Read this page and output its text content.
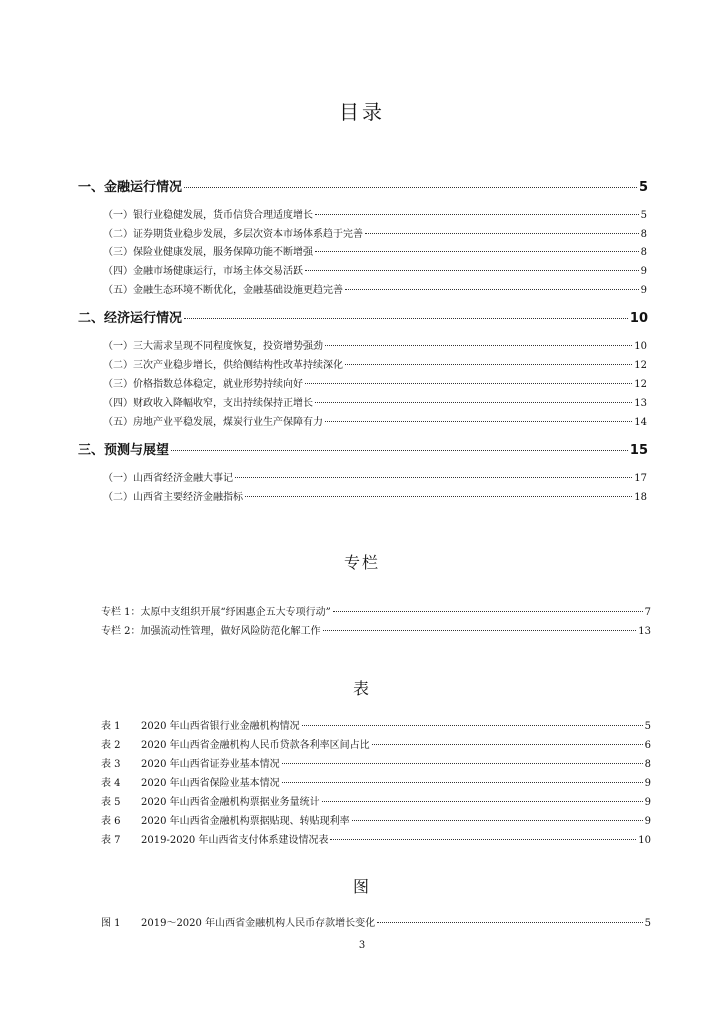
目录
一、金融运行情况	5
（一）银行业稳健发展，货币信贷合理适度增长	5
（二）证券期货业稳步发展，多层次资本市场体系趋于完善	8
（三）保险业健康发展，服务保障功能不断增强	8
（四）金融市场健康运行，市场主体交易活跃	9
（五）金融生态环境不断优化，金融基础设施更趋完善	9
二、经济运行情况	10
（一）三大需求呈现不同程度恢复，投资增势强劲	10
（二）三次产业稳步增长，供给侧结构性改革持续深化	12
（三）价格指数总体稳定，就业形势持续向好	12
（四）财政收入降幅收窄，支出持续保持正增长	13
（五）房地产业平稳发展，煤炭行业生产保障有力	14
三、预测与展望	15
（一）山西省经济金融大事记	17
（二）山西省主要经济金融指标	18
专栏
专栏 1：太原中支组织开展“纾困惠企五大专项行动”	7
专栏 2：加强流动性管理，做好风险防范化解工作	13
表
表 1 2020 年山西省银行业金融机构情况	5
表 2 2020 年山西省金融机构人民币贷款各利率区间占比	6
表 3 2020 年山西省证券业基本情况	8
表 4 2020 年山西省保险业基本情况	9
表 5 2020 年山西省金融机构票据业务量统计	9
表 6 2020 年山西省金融机构票据贴现、转贴现利率	9
表 7 2019-2020 年山西省支付体系建设情况表	10
图
图 1 2019～2020 年山西省金融机构人民币存款增长变化	5
3
